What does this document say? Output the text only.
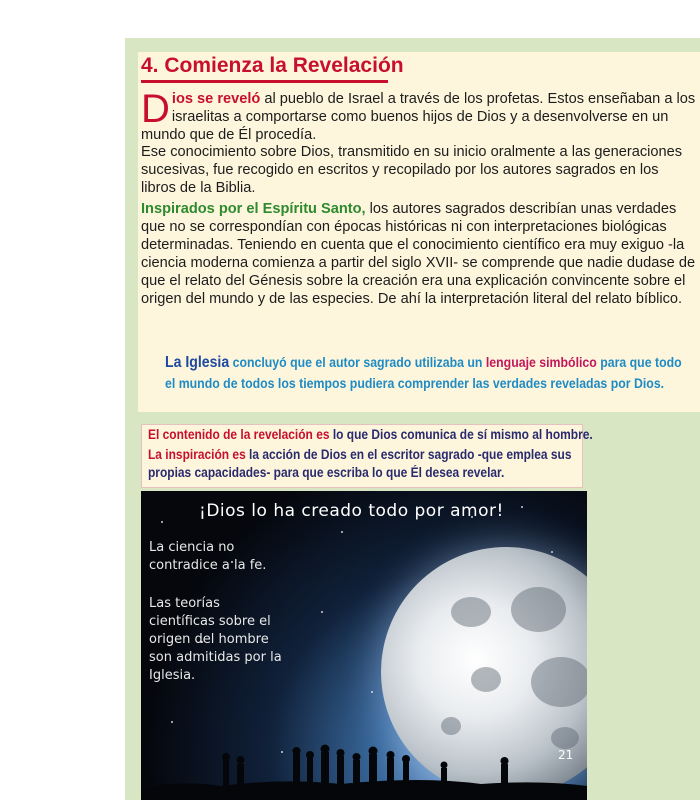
4. Comienza la Revelación
Dios se reveló al pueblo de Israel a través de los profetas. Estos enseñaban a los israelitas a comportarse como buenos hijos de Dios y a desenvolverse en un mundo que de Él procedía.
Ese conocimiento sobre Dios, transmitido en su inicio oralmente a las generaciones sucesivas, fue recogido en escritos y recopilado por los autores sagrados en los libros de la Biblia.
Inspirados por el Espíritu Santo, los autores sagrados describían unas verdades que no se correspondían con épocas históricas ni con interpretaciones biológicas determinadas. Teniendo en cuenta que el conocimiento científico era muy exiguo -la ciencia moderna comienza a partir del siglo XVII- se comprende que nadie dudase de que el relato del Génesis sobre la creación era una explicación convincente sobre el origen del mundo y de las especies. De ahí la interpretación literal del relato bíblico.
La Iglesia concluyó que el autor sagrado utilizaba un lenguaje simbólico para que todo el mundo de todos los tiempos pudiera comprender las verdades reveladas por Dios.
El contenido de la revelación es lo que Dios comunica de sí mismo al hombre.
La inspiración es la acción de Dios en el escritor sagrado -que emplea sus
propias capacidades- para que escriba lo que Él desea revelar.
¡Dios lo ha creado todo por amor!
La ciencia no contradice a la fe.
Las teorías científicas sobre el origen del hombre son admitidas por la Iglesia.
21
